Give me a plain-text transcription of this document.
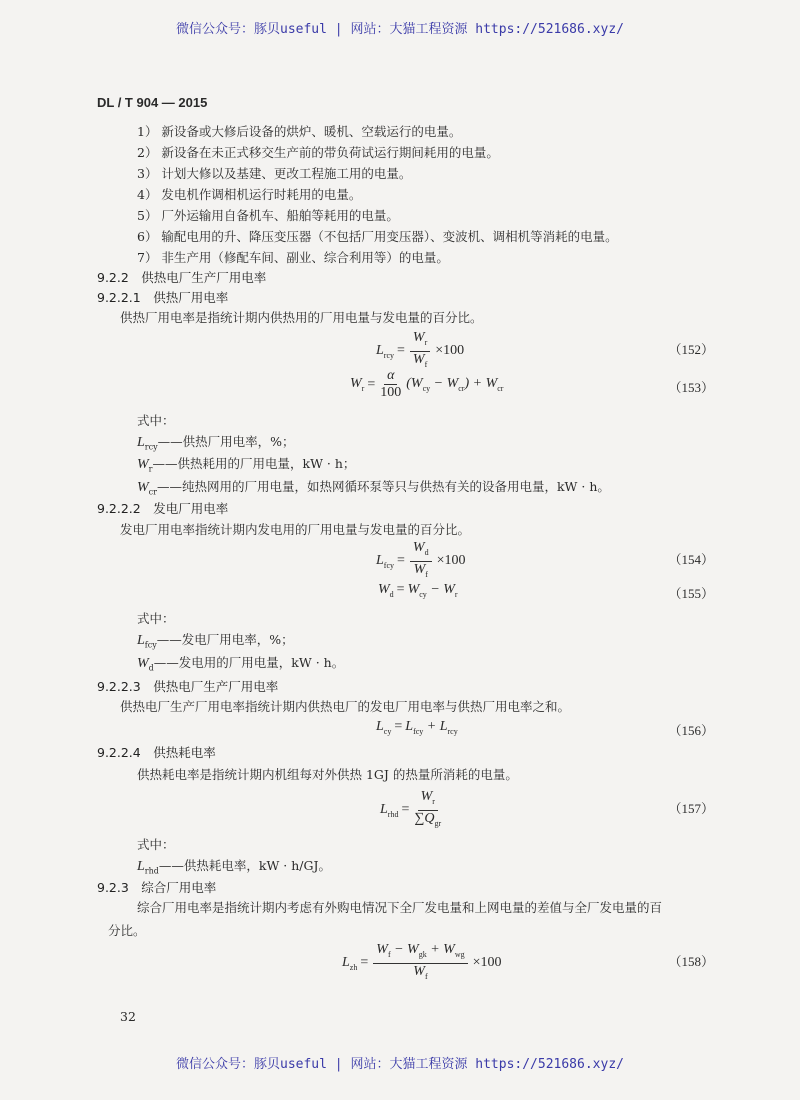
微信公众号：豚贝useful | 网站：大猫工程资源 https://521686.xyz/
DL / T 904 — 2015
1） 新设备或大修后设备的烘炉、暖机、空载运行的电量。
2） 新设备在未正式移交生产前的带负荷试运行期间耗用的电量。
3） 计划大修以及基建、更改工程施工用的电量。
4） 发电机作调相机运行时耗用的电量。
5） 厂外运输用自备机车、船舶等耗用的电量。
6） 输配电用的升、降压变压器（不包括厂用变压器）、变波机、调相机等消耗的电量。
7） 非生产用（修配车间、副业、综合利用等）的电量。
9.2.2　供热电厂生产厂用电率
9.2.2.1　供热厂用电率
供热厂用电率是指统计期内供热用的厂用电量与发电量的百分比。
$L_{rcy} = \frac{W_r}{W_f} \times 100$	（152）
$W_r = \frac{\alpha}{100} (W_{cy} - W_{cr}) + W_{cr}$	（153）
式中：
$L_{rcy}——$供热厂用电率，%；
$W_r——$供热耗用的厂用电量，kW · h；
$W_{cr}——$纯热网用的厂用电量，如热网循环泵等只与供热有关的设备用电量，kW · h。
9.2.2.2　发电厂用电率
发电厂用电率指统计期内发电用的厂用电量与发电量的百分比。
$L_{fcy} = \frac{W_d}{W_f} \times 100$	（154）
$W_d = W_{cy} - W_r$	（155）
式中：
$L_{fcy}——$发电厂用电率，%；
$W_d——$发电用的厂用电量，kW · h。
9.2.2.3　供热电厂生产厂用电率
供热电厂生产厂用电率指统计期内供热电厂的发电厂用电率与供热厂用电率之和。
$L_{cy} = L_{fcy} + L_{rcy}$	（156）
9.2.2.4　供热耗电率
供热耗电率是指统计期内机组每对外供热 1GJ 的热量所消耗的电量。
$L_{rhd} = \frac{W_r}{\sum Q_{gr}}$	（157）
式中：
$L_{rhd}——$供热耗电率，kW · h/GJ。
9.2.3　综合厂用电率
综合厂用电率是指统计期内考虑有外购电情况下全厂发电量和上网电量的差值与全厂发电量的百
分比。
$L_{zh} = \frac{W_f - W_{gk} + W_{wg}}{W_f} \times 100$	（158）
32
微信公众号：豚贝useful | 网站：大猫工程资源 https://521686.xyz/
